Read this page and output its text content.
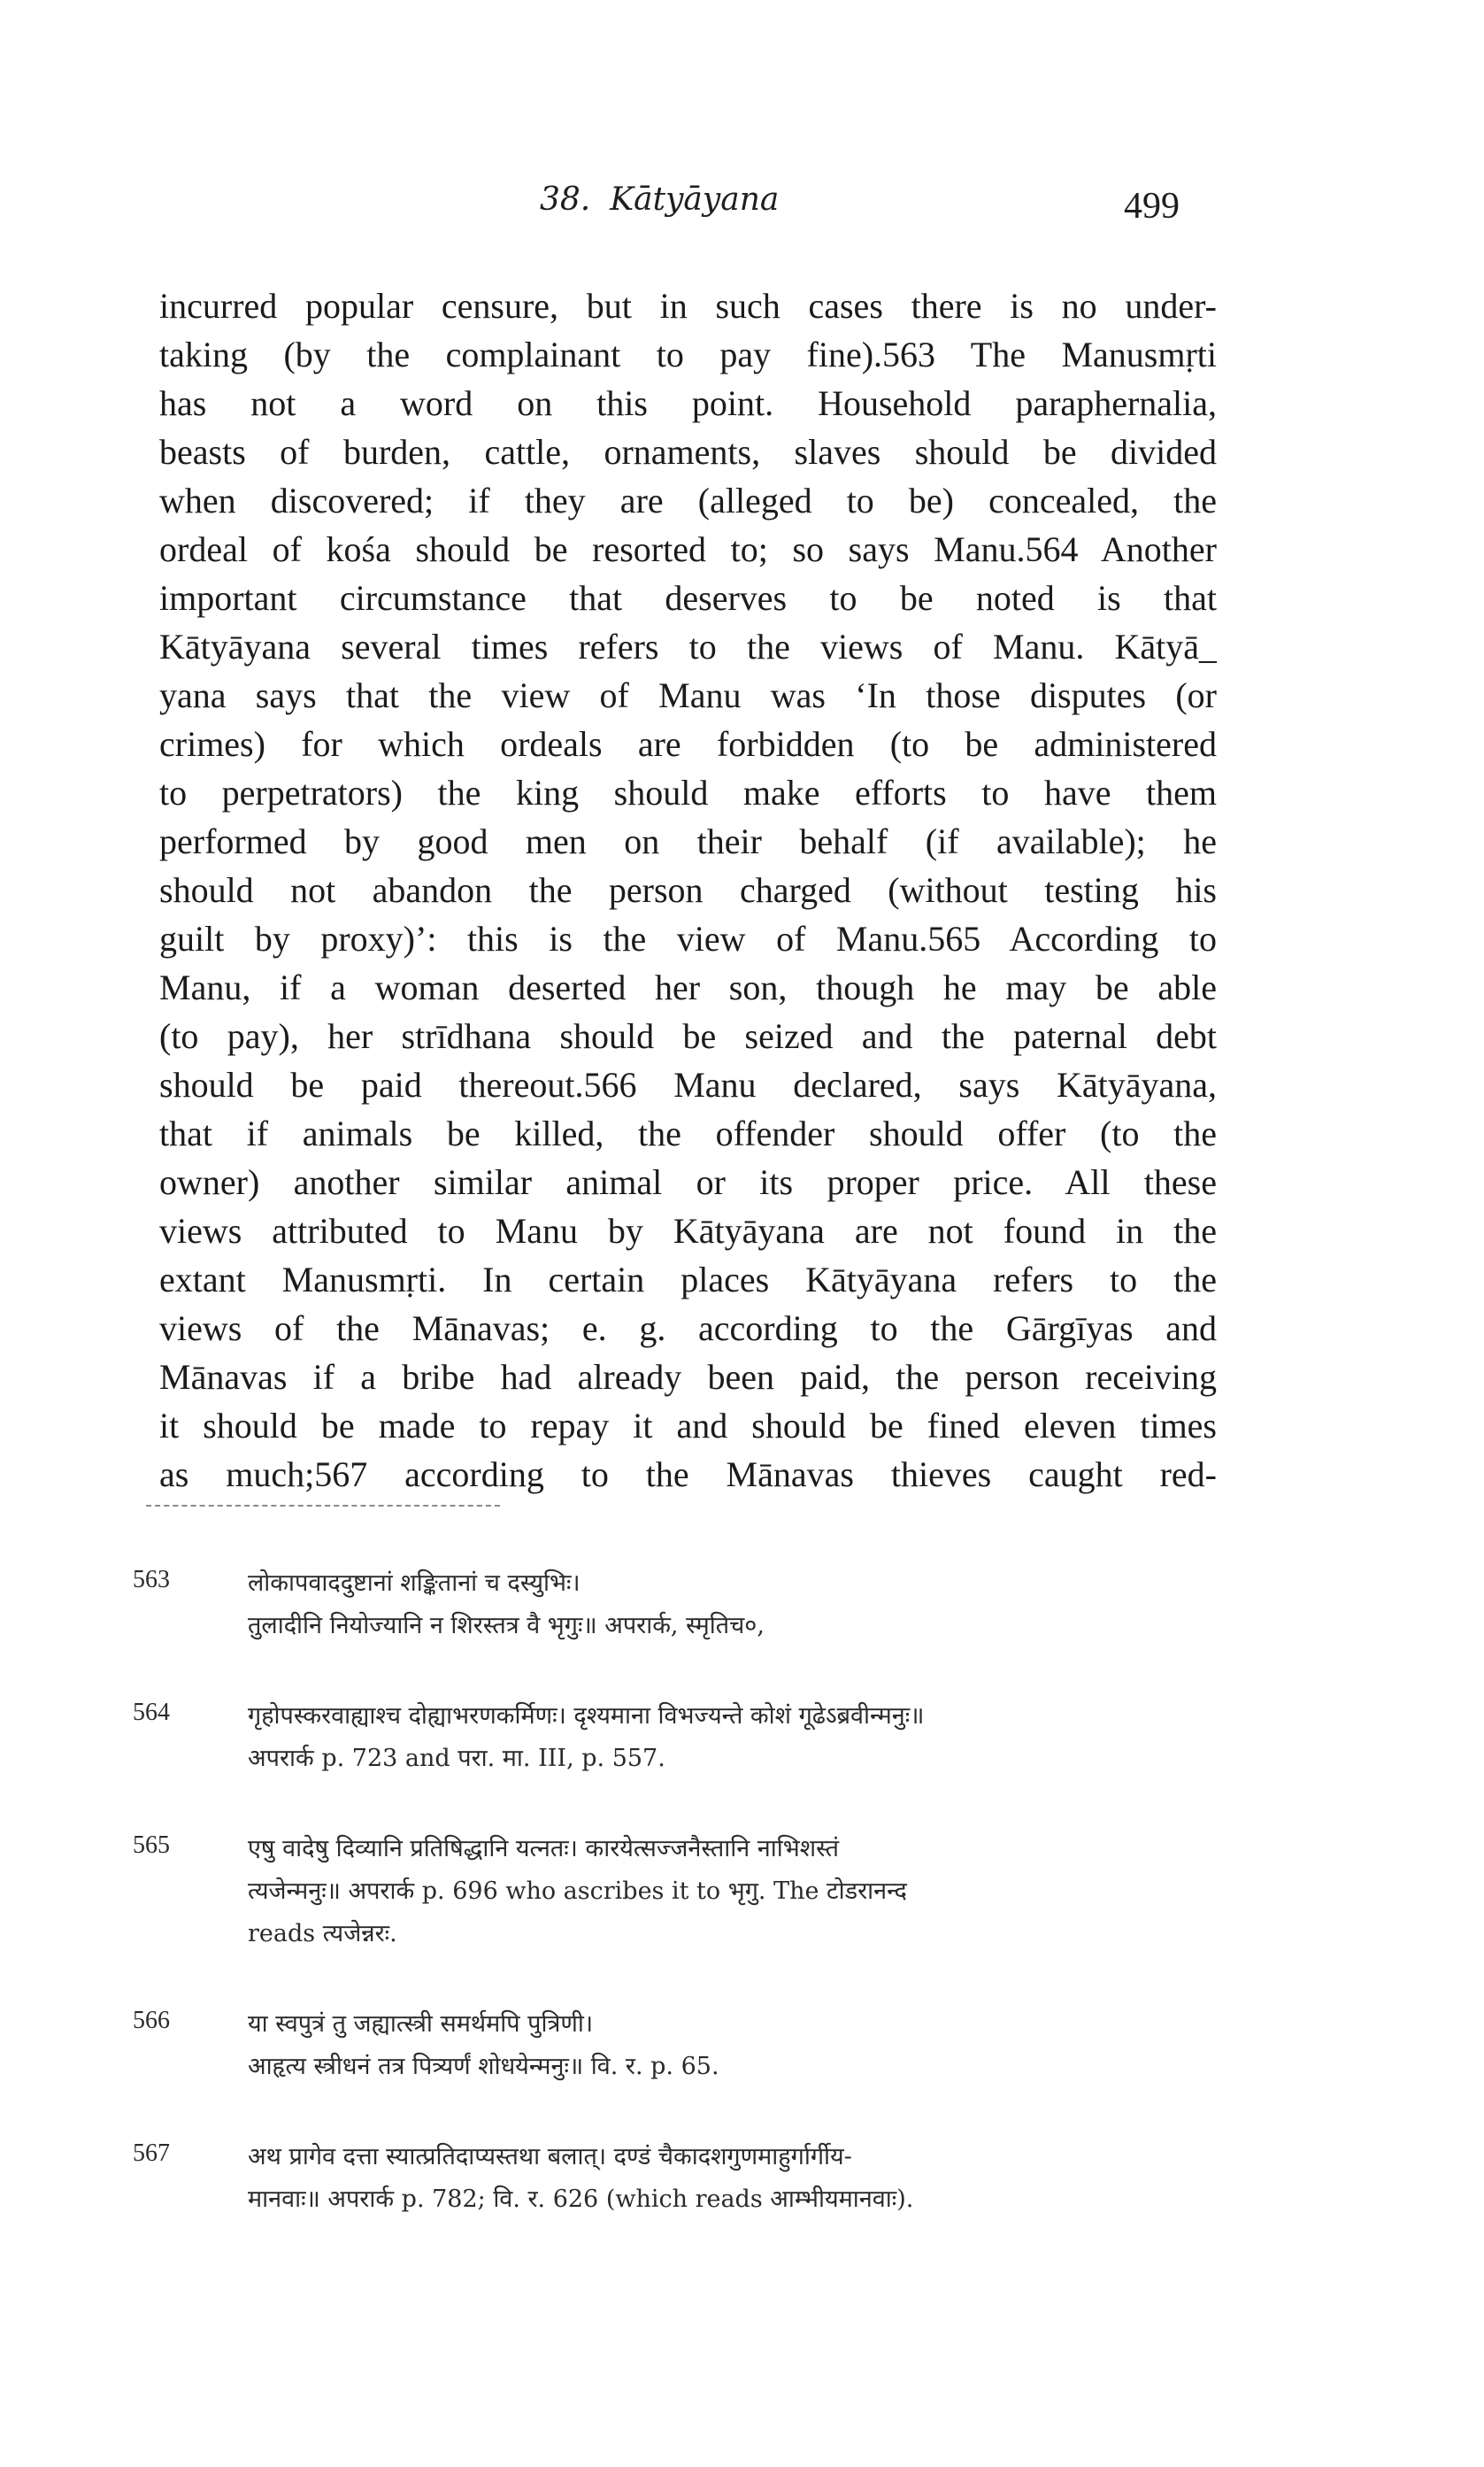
38. Kātyāyana	499
incurred popular censure, but in such cases there is no under-
taking (by the complainant to pay fine).563 The Manusmṛti
has not a word on this point. Household paraphernalia,
beasts of burden, cattle, ornaments, slaves should be divided
when discovered; if they are (alleged to be) concealed, the
ordeal of kośa should be resorted to; so says Manu.564 Another
important circumstance that deserves to be noted is that
Kātyāyana several times refers to the views of Manu. Kātyā_
yana says that the view of Manu was ‘In those disputes (or
crimes) for which ordeals are forbidden (to be administered
to perpetrators) the king should make efforts to have them
performed by good men on their behalf (if available); he
should not abandon the person charged (without testing his
guilt by proxy)’: this is the view of Manu.565 According to
Manu, if a woman deserted her son, though he may be able
(to pay), her strīdhana should be seized and the paternal debt
should be paid thereout.566 Manu declared, says Kātyāyana,
that if animals be killed, the offender should offer (to the
owner) another similar animal or its proper price. All these
views attributed to Manu by Kātyāyana are not found in the
extant Manusmṛti. In certain places Kātyāyana refers to the
views of the Mānavas; e. g. according to the Gārgīyas and
Mānavas if a bribe had already been paid, the person receiving
it should be made to repay it and should be fined eleven times
as much;567 according to the Mānavas thieves caught red-
563	लोकापवाददुष्टानां शङ्कितानां च दस्युभिः।
तुलादीनि नियोज्यानि न शिरस्तत्र वै भृगुः॥ अपरार्क, स्मृतिच०,
564	गृहोपस्करवाह्याश्च दोह्याभरणकर्मिणः। दृश्यमाना विभज्यन्ते कोशं गूढेऽब्रवीन्मनुः॥
अपरार्क p. 723 and परा. मा. III, p. 557.
565	एषु वादेषु दिव्यानि प्रतिषिद्धानि यत्नतः। कारयेत्सज्जनैस्तानि नाभिशस्तं
त्यजेन्मनुः॥ अपरार्क p. 696 who ascribes it to भृगु. The टोडरानन्द
reads त्यजेन्नरः.
566	या स्वपुत्रं तु जह्यात्स्त्री समर्थमपि पुत्रिणी।
आहृत्य स्त्रीधनं तत्र पित्र्यर्णं शोधयेन्मनुः॥ वि. र. p. 65.
567	अथ प्रागेव दत्ता स्यात्प्रतिदाप्यस्तथा बलात्। दण्डं चैकादशगुणमाहुर्गार्गीय-
मानवाः॥ अपरार्क p. 782; वि. र. 626 (which reads आम्भीयमानवाः).
